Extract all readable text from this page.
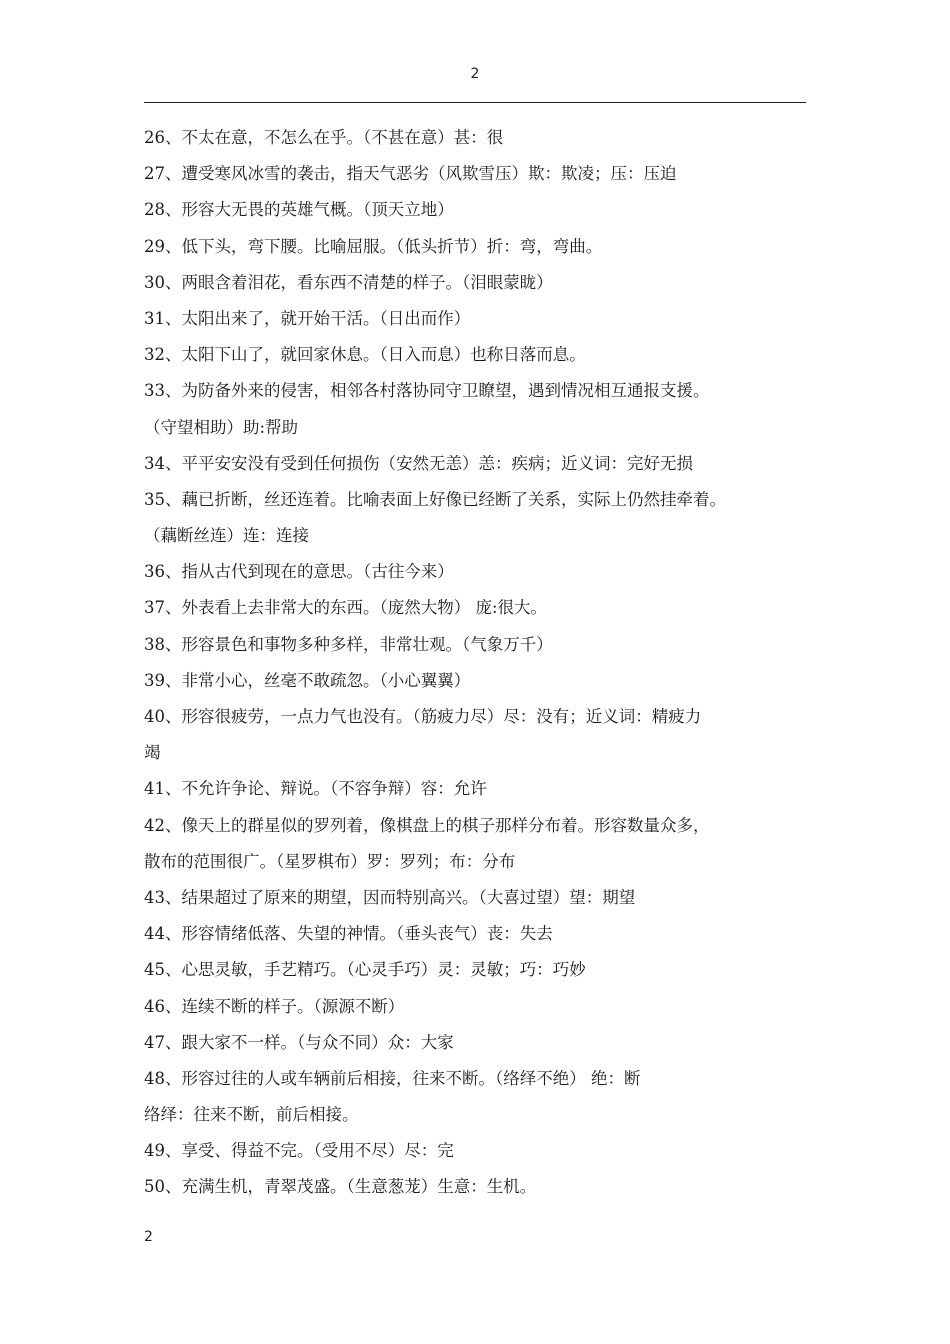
2
26、不太在意，不怎么在乎。（不甚在意）甚：很
27、遭受寒风冰雪的袭击，指天气恶劣（风欺雪压）欺：欺凌；压：压迫
28、形容大无畏的英雄气概。（顶天立地）
29、低下头，弯下腰。比喻屈服。（低头折节）折：弯，弯曲。
30、两眼含着泪花，看东西不清楚的样子。（泪眼蒙眬）
31、太阳出来了，就开始干活。（日出而作）
32、太阳下山了，就回家休息。（日入而息）也称日落而息。
33、为防备外来的侵害，相邻各村落协同守卫瞭望，遇到情况相互通报支援。
（守望相助）助:帮助
34、平平安安没有受到任何损伤（安然无恙）恙：疾病；近义词：完好无损
35、藕已折断，丝还连着。比喻表面上好像已经断了关系，实际上仍然挂牵着。
（藕断丝连）连：连接
36、指从古代到现在的意思。（古往今来）
37、外表看上去非常大的东西。（庞然大物） 庞:很大。
38、形容景色和事物多种多样，非常壮观。（气象万千）
39、非常小心，丝毫不敢疏忽。（小心翼翼）
40、形容很疲劳，一点力气也没有。（筋疲力尽）尽：没有；近义词：精疲力
竭
41、不允许争论、辩说。（不容争辩）容：允许
42、像天上的群星似的罗列着，像棋盘上的棋子那样分布着。形容数量众多，
散布的范围很广。（星罗棋布）罗：罗列；布：分布
43、结果超过了原来的期望，因而特别高兴。（大喜过望）望：期望
44、形容情绪低落、失望的神情。（垂头丧气）丧：失去
45、心思灵敏，手艺精巧。（心灵手巧）灵：灵敏；巧：巧妙
46、连续不断的样子。（源源不断）
47、跟大家不一样。（与众不同）众：大家
48、形容过往的人或车辆前后相接，往来不断。（络绎不绝） 绝：断
络绎：往来不断，前后相接。
49、享受、得益不完。（受用不尽）尽：完
50、充满生机，青翠茂盛。（生意葱茏）生意：生机。
2
